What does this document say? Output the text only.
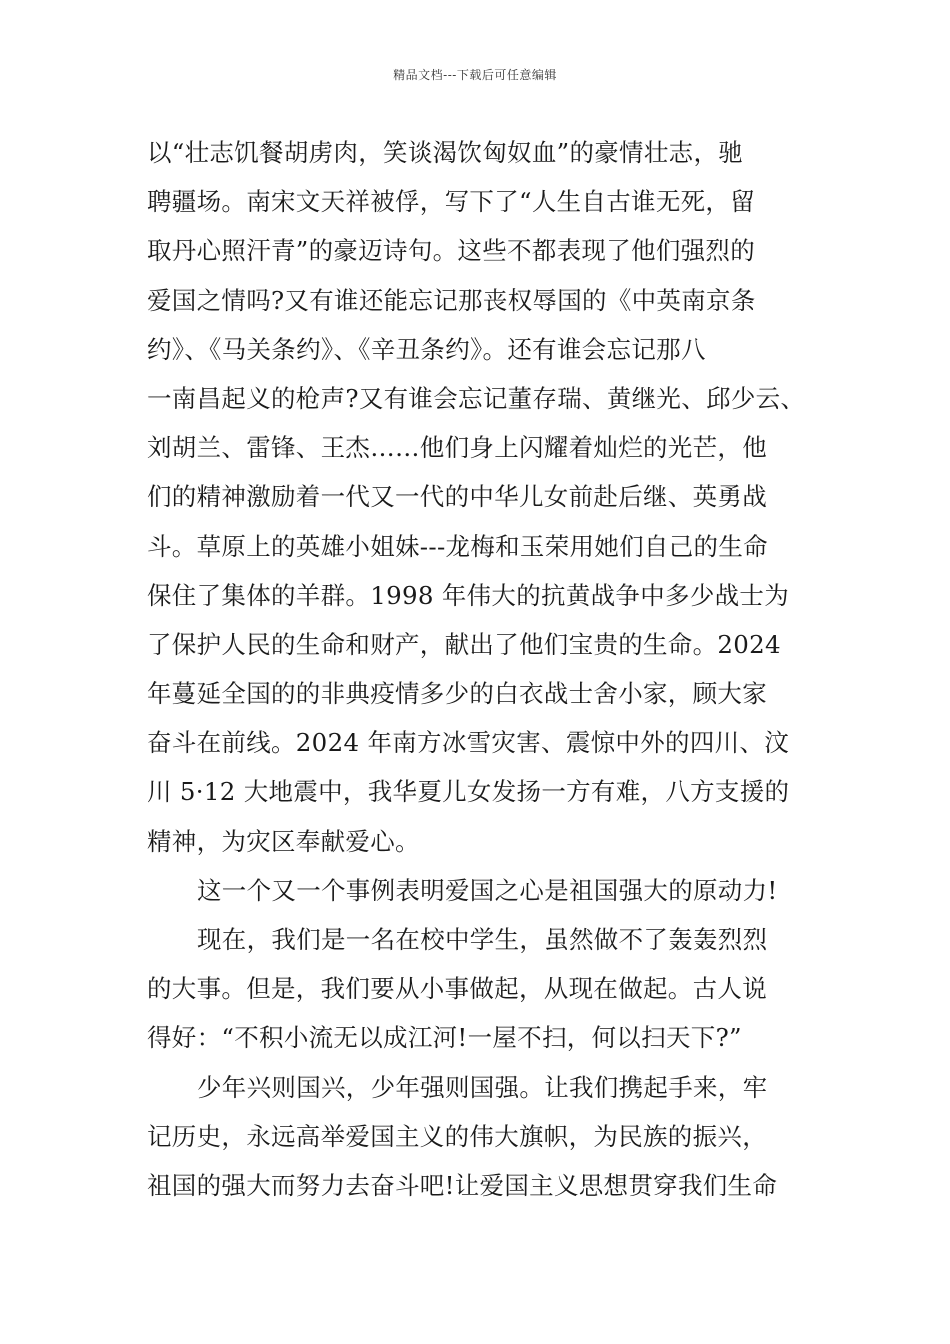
精品文档---下载后可任意编辑
以“壮志饥餐胡虏肉，笑谈渴饮匈奴血”的豪情壮志，驰
聘疆场。南宋文天祥被俘，写下了“人生自古谁无死，留
取丹心照汗青”的豪迈诗句。这些不都表现了他们强烈的
爱国之情吗?又有谁还能忘记那丧权辱国的《中英南京条
约》、《马关条约》、《辛丑条约》。还有谁会忘记那八
一南昌起义的枪声?又有谁会忘记董存瑞、黄继光、邱少云、
刘胡兰、雷锋、王杰……他们身上闪耀着灿烂的光芒，他
们的精神激励着一代又一代的中华儿女前赴后继、英勇战
斗。草原上的英雄小姐妹---龙梅和玉荣用她们自己的生命
保住了集体的羊群。1998 年伟大的抗黄战争中多少战士为
了保护人民的生命和财产，献出了他们宝贵的生命。2024
年蔓延全国的的非典疫情多少的白衣战士舍小家，顾大家
奋斗在前线。2024 年南方冰雪灾害、震惊中外的四川、汶
川 5·12 大地震中，我华夏儿女发扬一方有难，八方支援的
精神，为灾区奉献爱心。
这一个又一个事例表明爱国之心是祖国强大的原动力!
现在，我们是一名在校中学生，虽然做不了轰轰烈烈
的大事。但是，我们要从小事做起，从现在做起。古人说
得好：“不积小流无以成江河!一屋不扫，何以扫天下?”
少年兴则国兴，少年强则国强。让我们携起手来，牢
记历史，永远高举爱国主义的伟大旗帜，为民族的振兴，
祖国的强大而努力去奋斗吧!让爱国主义思想贯穿我们生命
